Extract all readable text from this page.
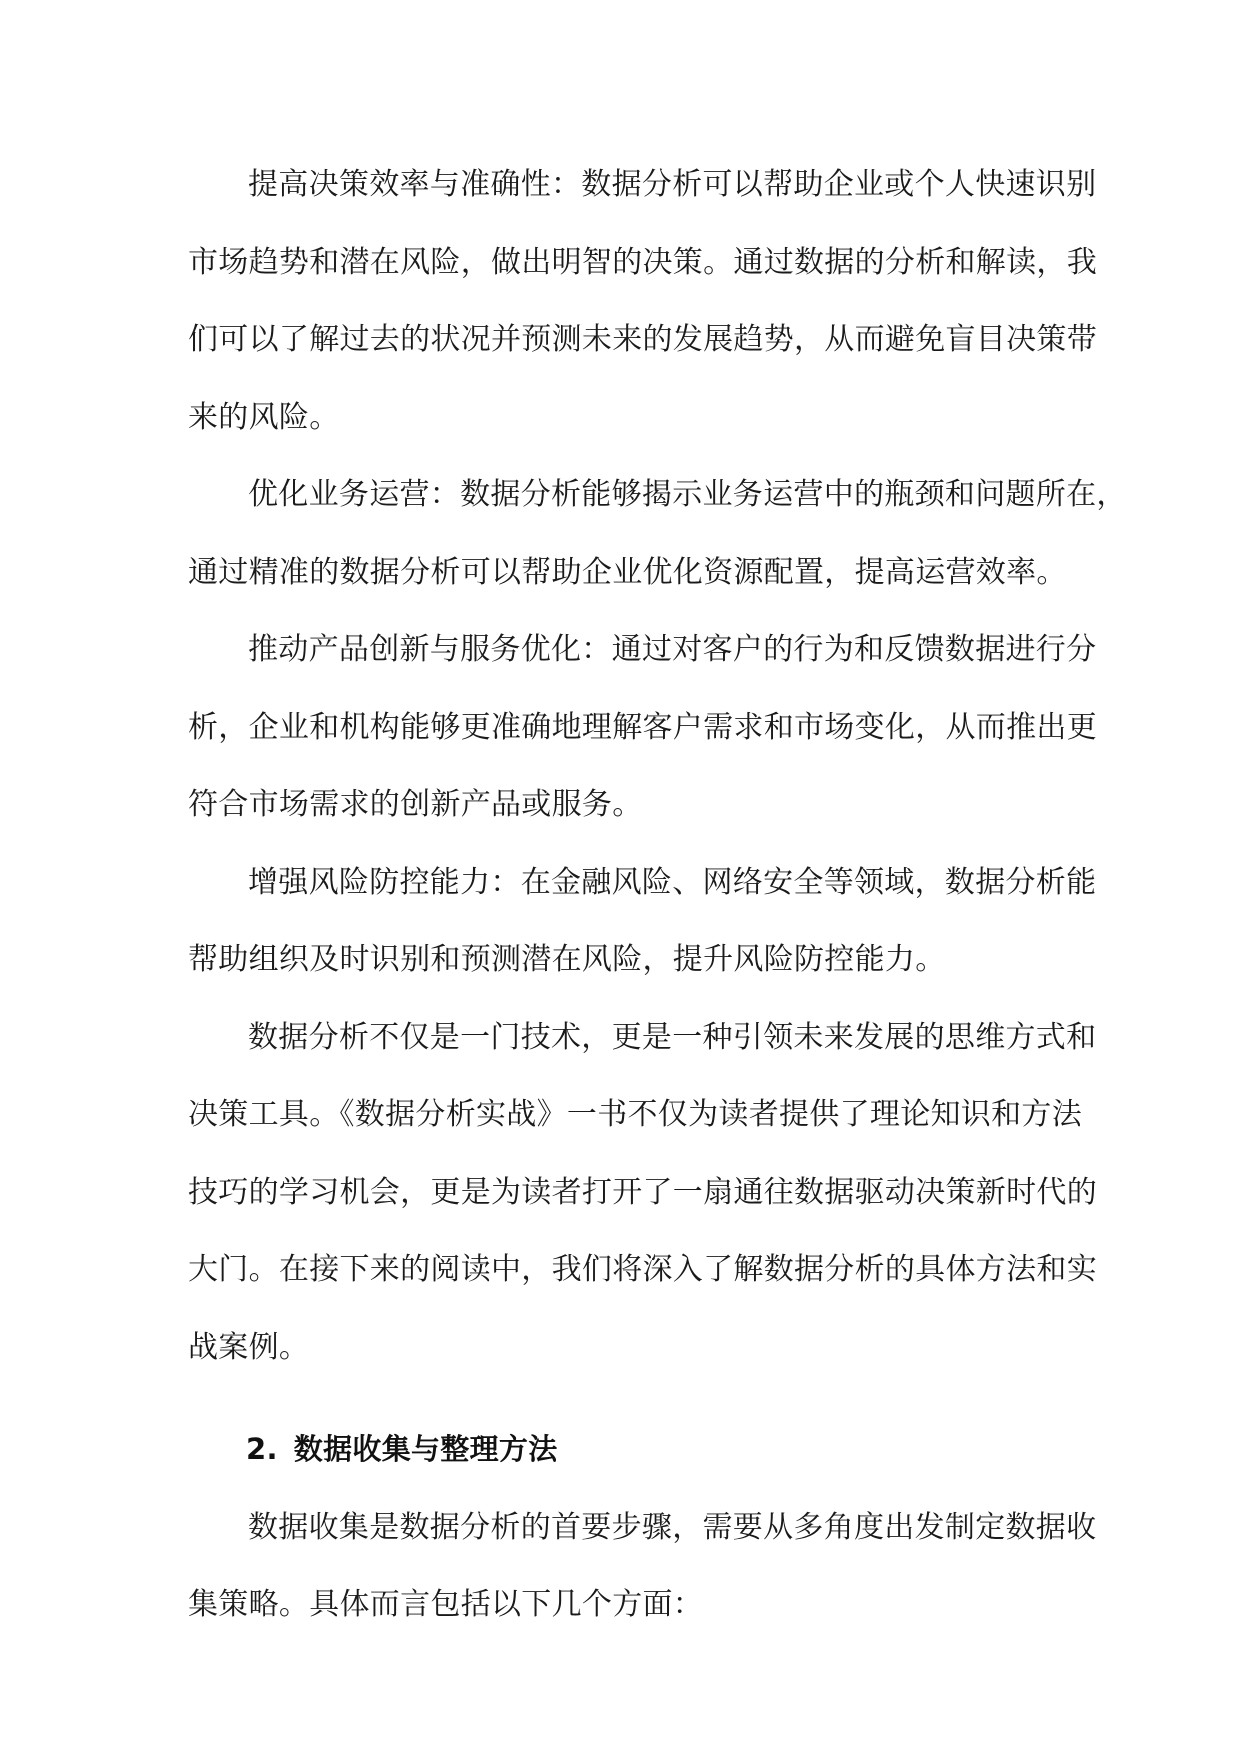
提高决策效率与准确性：数据分析可以帮助企业或个人快速识别
市场趋势和潜在风险，做出明智的决策。通过数据的分析和解读，我
们可以了解过去的状况并预测未来的发展趋势，从而避免盲目决策带
来的风险。

优化业务运营：数据分析能够揭示业务运营中的瓶颈和问题所在，
通过精准的数据分析可以帮助企业优化资源配置，提高运营效率。

推动产品创新与服务优化：通过对客户的行为和反馈数据进行分
析，企业和机构能够更准确地理解客户需求和市场变化，从而推出更
符合市场需求的创新产品或服务。

增强风险防控能力：在金融风险、网络安全等领域，数据分析能
帮助组织及时识别和预测潜在风险，提升风险防控能力。

数据分析不仅是一门技术，更是一种引领未来发展的思维方式和
决策工具。《数据分析实战》一书不仅为读者提供了理论知识和方法
技巧的学习机会，更是为读者打开了一扇通往数据驱动决策新时代的
大门。在接下来的阅读中，我们将深入了解数据分析的具体方法和实
战案例。

2. 数据收集与整理方法

数据收集是数据分析的首要步骤，需要从多角度出发制定数据收
集策略。具体而言包括以下几个方面：
